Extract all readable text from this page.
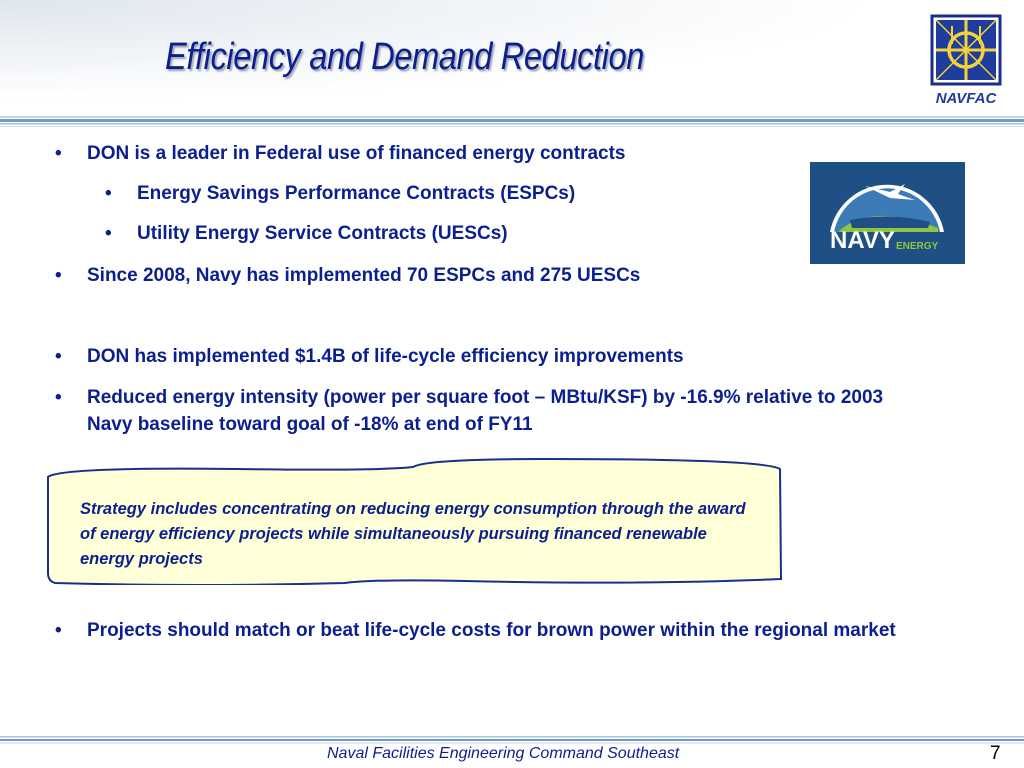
Efficiency and Demand Reduction
NAVFAC
NAVY ENERGY
• DON is a leader in Federal use of financed energy contracts
• Energy Savings Performance Contracts (ESPCs)
• Utility Energy Service Contracts (UESCs)
• Since 2008, Navy has implemented 70 ESPCs and 275 UESCs
• DON has implemented $1.4B of life-cycle efficiency improvements
• Reduced energy intensity (power per square foot – MBtu/KSF) by -16.9% relative to 2003 Navy baseline toward goal of -18% at end of FY11
Strategy includes concentrating on reducing energy consumption through the award of energy efficiency projects while simultaneously pursuing financed renewable energy projects
• Projects should match or beat life-cycle costs for brown power within the regional market
Naval Facilities Engineering Command Southeast	7
